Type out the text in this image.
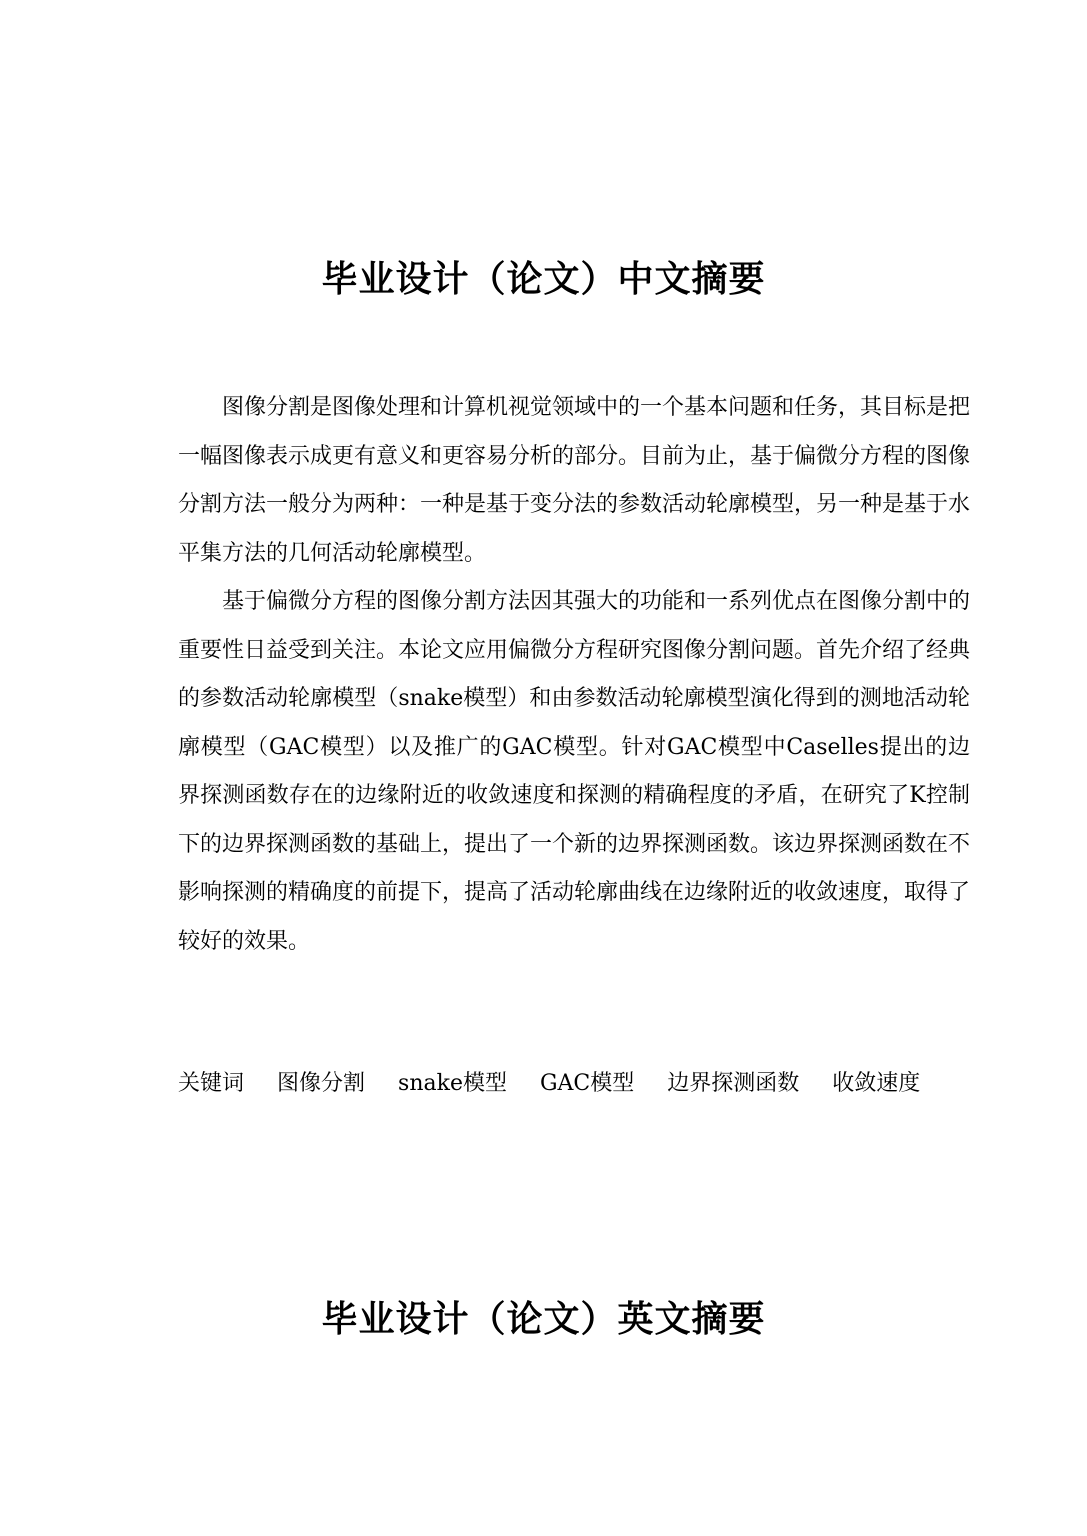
毕业设计（论文）中文摘要

图像分割是图像处理和计算机视觉领域中的一个基本问题和任务，其目标是把一幅图像表示成更有意义和更容易分析的部分。目前为止，基于偏微分方程的图像分割方法一般分为两种：一种是基于变分法的参数活动轮廓模型，另一种是基于水平集方法的几何活动轮廓模型。

基于偏微分方程的图像分割方法因其强大的功能和一系列优点在图像分割中的重要性日益受到关注。本论文应用偏微分方程研究图像分割问题。首先介绍了经典的参数活动轮廓模型（snake模型）和由参数活动轮廓模型演化得到的测地活动轮廓模型（GAC模型）以及推广的GAC模型。针对GAC模型中Caselles提出的边界探测函数存在的边缘附近的收敛速度和探测的精确程度的矛盾，在研究了K控制下的边界探测函数的基础上，提出了一个新的边界探测函数。该边界探测函数在不影响探测的精确度的前提下，提高了活动轮廓曲线在边缘附近的收敛速度，取得了较好的效果。

关键词 图像分割 snake模型 GAC模型 边界探测函数 收敛速度
毕业设计（论文）英文摘要
